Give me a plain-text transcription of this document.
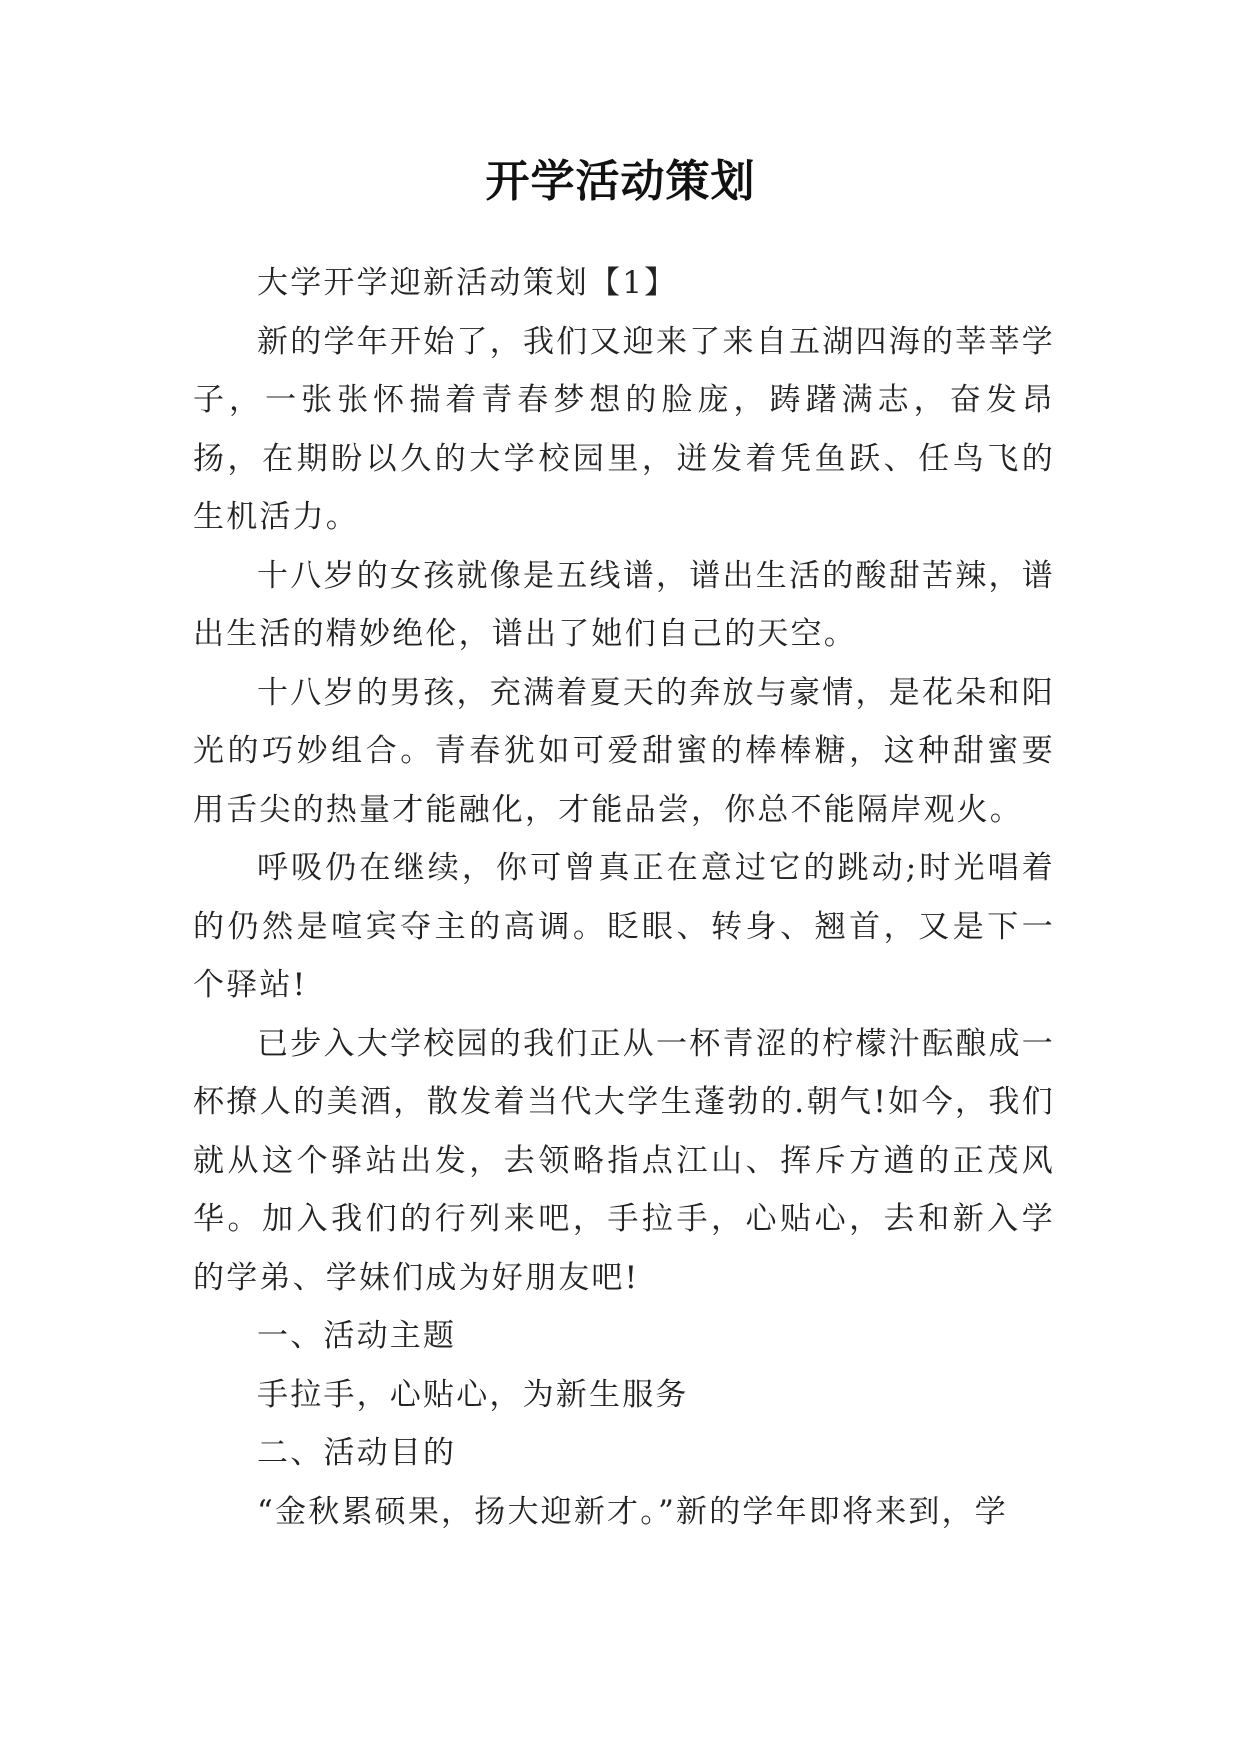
开学活动策划

大学开学迎新活动策划【1】

新的学年开始了，我们又迎来了来自五湖四海的莘莘学子，一张张怀揣着青春梦想的脸庞，踌躇满志，奋发昂扬，在期盼以久的大学校园里，迸发着凭鱼跃、任鸟飞的生机活力。

十八岁的女孩就像是五线谱，谱出生活的酸甜苦辣，谱出生活的精妙绝伦，谱出了她们自己的天空。

十八岁的男孩，充满着夏天的奔放与豪情，是花朵和阳光的巧妙组合。青春犹如可爱甜蜜的棒棒糖，这种甜蜜要用舌尖的热量才能融化，才能品尝，你总不能隔岸观火。

呼吸仍在继续，你可曾真正在意过它的跳动;时光唱着的仍然是喧宾夺主的高调。眨眼、转身、翘首，又是下一个驿站!

已步入大学校园的我们正从一杯青涩的柠檬汁酝酿成一杯撩人的美酒，散发着当代大学生蓬勃的.朝气!如今，我们就从这个驿站出发，去领略指点江山、挥斥方遒的正茂风华。加入我们的行列来吧，手拉手，心贴心，去和新入学的学弟、学妹们成为好朋友吧!

一、活动主题

手拉手，心贴心，为新生服务

二、活动目的

“金秋累硕果，扬大迎新才。”新的学年即将来到，学
